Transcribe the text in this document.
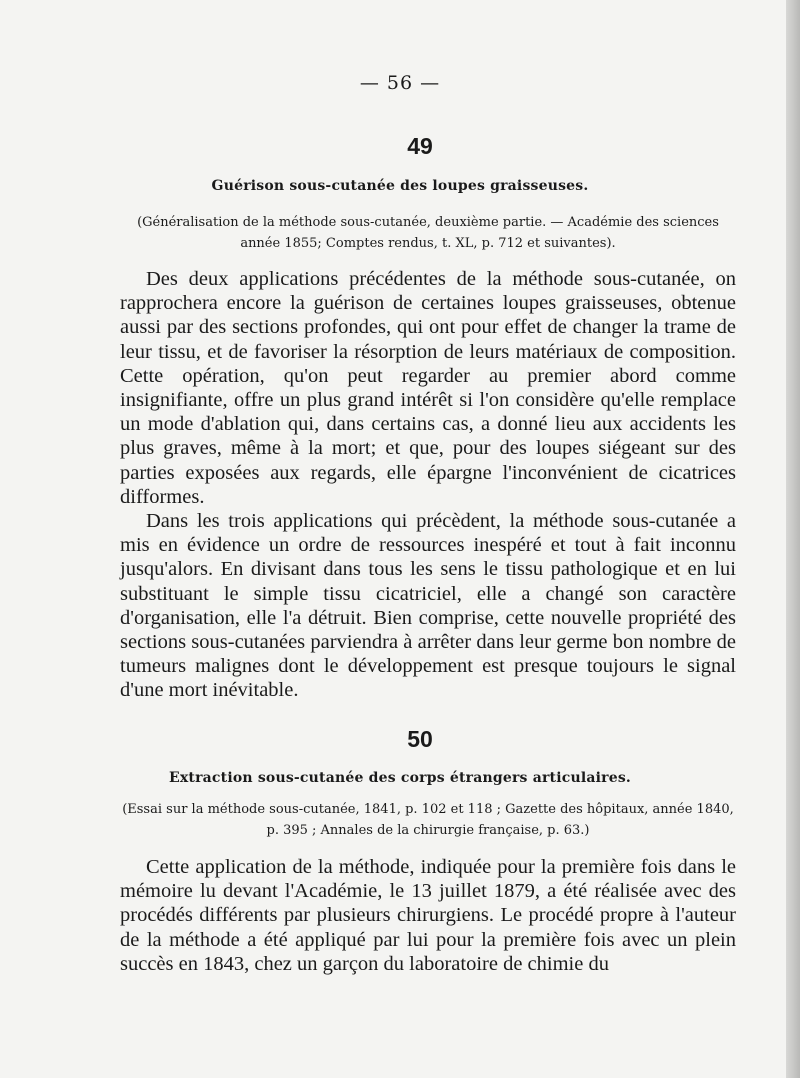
— 56 —
49
Guérison sous-cutanée des loupes graisseuses.
(Généralisation de la méthode sous-cutanée, deuxième partie. — Académie des sciences année 1855; Comptes rendus, t. XL, p. 712 et suivantes).
Des deux applications précédentes de la méthode sous-cutanée, on rapprochera encore la guérison de certaines loupes graisseuses, obtenue aussi par des sections profondes, qui ont pour effet de changer la trame de leur tissu, et de favoriser la résorption de leurs matériaux de composition. Cette opération, qu'on peut regarder au premier abord comme insignifiante, offre un plus grand intérêt si l'on considère qu'elle remplace un mode d'ablation qui, dans certains cas, a donné lieu aux accidents les plus graves, même à la mort; et que, pour des loupes siégeant sur des parties exposées aux regards, elle épargne l'inconvénient de cicatrices difformes.
Dans les trois applications qui précèdent, la méthode sous-cutanée a mis en évidence un ordre de ressources inespéré et tout à fait inconnu jusqu'alors. En divisant dans tous les sens le tissu pathologique et en lui substituant le simple tissu cicatriciel, elle a changé son caractère d'organisation, elle l'a détruit. Bien comprise, cette nouvelle propriété des sections sous-cutanées parviendra à arrêter dans leur germe bon nombre de tumeurs malignes dont le développement est presque toujours le signal d'une mort inévitable.
50
Extraction sous-cutanée des corps étrangers articulaires.
(Essai sur la méthode sous-cutanée, 1841, p. 102 et 118 ; Gazette des hôpitaux, année 1840, p. 395 ; Annales de la chirurgie française, p. 63.)
Cette application de la méthode, indiquée pour la première fois dans le mémoire lu devant l'Académie, le 13 juillet 1879, a été réalisée avec des procédés différents par plusieurs chirurgiens. Le procédé propre à l'auteur de la méthode a été appliqué par lui pour la première fois avec un plein succès en 1843, chez un garçon du laboratoire de chimie du
